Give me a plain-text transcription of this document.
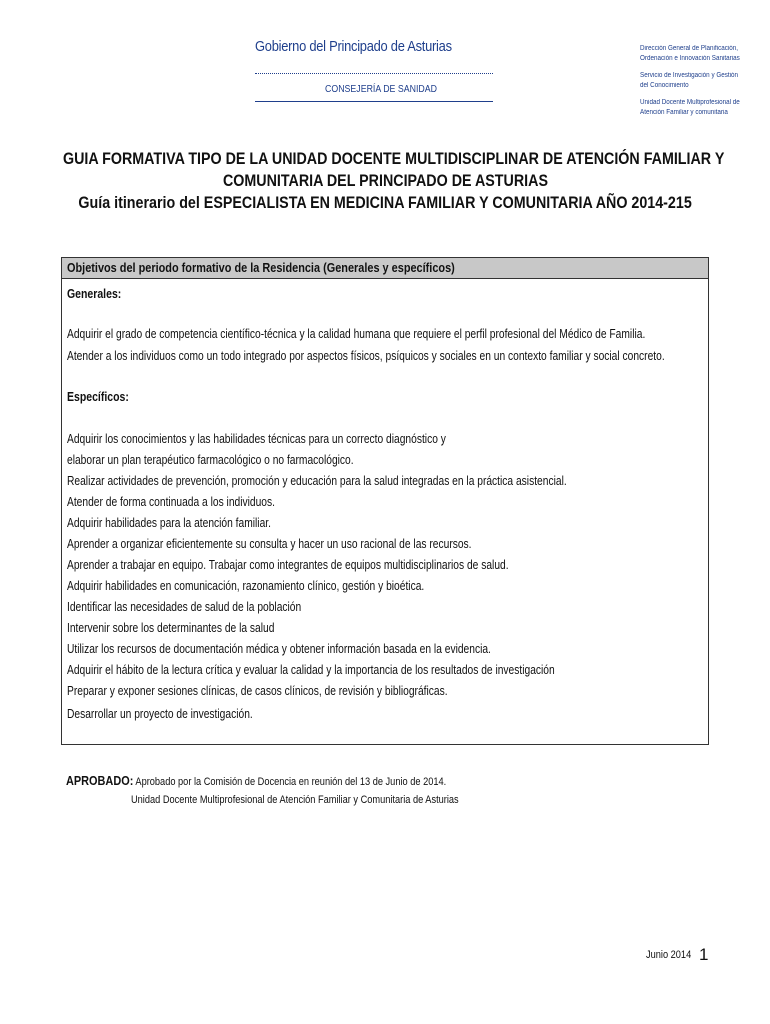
Gobierno del Principado de Asturias
CONSEJERÍA DE SANIDAD
Dirección General de Planificación,
Ordenación e Innovación Sanitarias
Servicio de Investigación y Gestión
del Conocimiento
Unidad Docente Multiprofesional de
Atención Familiar y comunitaria
GUIA FORMATIVA TIPO DE LA UNIDAD DOCENTE MULTIDISCIPLINAR DE ATENCIÓN FAMILIAR Y
COMUNITARIA DEL PRINCIPADO DE ASTURIAS
Guía itinerario del ESPECIALISTA EN MEDICINA FAMILIAR Y COMUNITARIA AÑO 2014-215
Objetivos del periodo formativo de la Residencia (Generales y específicos)
Generales:
Adquirir el grado de competencia científico-técnica y la calidad humana que requiere el perfil profesional del Médico de Familia.
Atender a los individuos como un todo integrado por aspectos físicos, psíquicos y sociales en un contexto familiar y social concreto.
Específicos:
Adquirir los conocimientos y las habilidades técnicas para un correcto diagnóstico y
elaborar un plan terapéutico farmacológico o no farmacológico.
Realizar actividades de prevención, promoción y educación para la salud integradas en la práctica asistencial.
Atender de forma continuada a los individuos.
Adquirir habilidades para la atención familiar.
Aprender a organizar eficientemente su consulta y hacer un uso racional de las recursos.
Aprender a trabajar en equipo. Trabajar como integrantes de equipos multidisciplinarios de salud.
Adquirir habilidades en comunicación, razonamiento clínico, gestión y bioética.
Identificar las necesidades de salud de la población
Intervenir sobre los determinantes de la salud
Utilizar los recursos de documentación médica y obtener información basada en la evidencia.
Adquirir el hábito de la lectura crítica y evaluar la calidad y la importancia de los resultados de investigación
Preparar y exponer sesiones clínicas, de casos clínicos, de revisión y bibliográficas.
Desarrollar un proyecto de investigación.
APROBADO: Aprobado por la Comisión de Docencia en reunión del 13 de Junio de 2014.
Unidad Docente Multiprofesional de Atención Familiar y Comunitaria de Asturias
Junio 2014 1
